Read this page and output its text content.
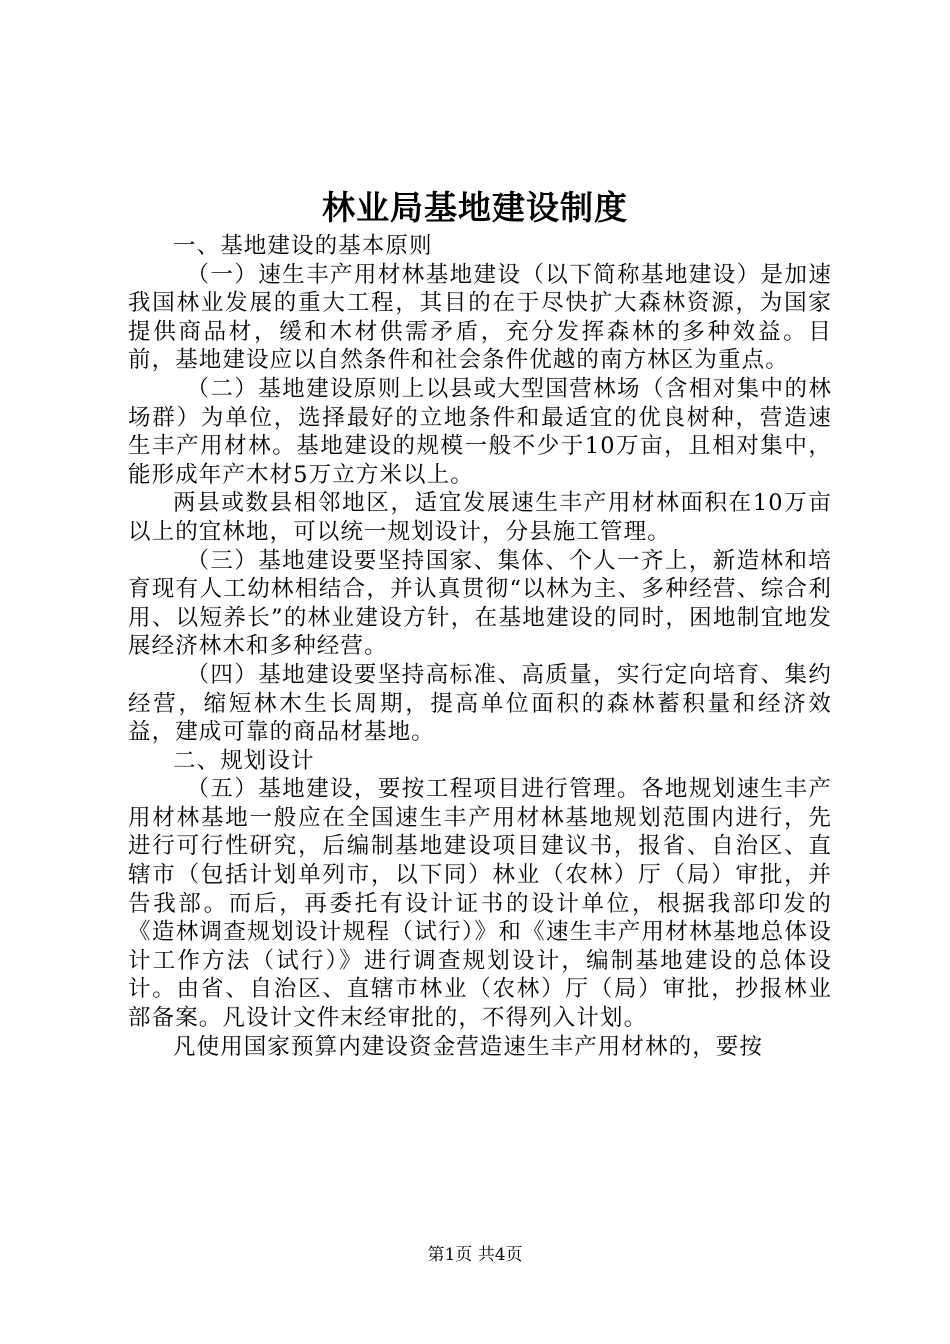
林业局基地建设制度

一、基地建设的基本原则

（一）速生丰产用材林基地建设（以下简称基地建设）是加速我国林业发展的重大工程，其目的在于尽快扩大森林资源，为国家提供商品材，缓和木材供需矛盾，充分发挥森林的多种效益。目前，基地建设应以自然条件和社会条件优越的南方林区为重点。

（二）基地建设原则上以县或大型国营林场（含相对集中的林场群）为单位，选择最好的立地条件和最适宜的优良树种，营造速生丰产用材林。基地建设的规模一般不少于10万亩，且相对集中，能形成年产木材5万立方米以上。

两县或数县相邻地区，适宜发展速生丰产用材林面积在10万亩以上的宜林地，可以统一规划设计，分县施工管理。

（三）基地建设要坚持国家、集体、个人一齐上，新造林和培育现有人工幼林相结合，并认真贯彻“以林为主、多种经营、综合利用、以短养长”的林业建设方针，在基地建设的同时，困地制宜地发展经济林木和多种经营。

（四）基地建设要坚持高标准、高质量，实行定向培育、集约经营，缩短林木生长周期，提高单位面积的森林蓄积量和经济效益，建成可靠的商品材基地。

二、规划设计

（五）基地建设，要按工程项目进行管理。各地规划速生丰产用材林基地一般应在全国速生丰产用材林基地规划范围内进行，先进行可行性研究，后编制基地建设项目建议书，报省、自治区、直辖市（包括计划单列市，以下同）林业（农林）厅（局）审批，并告我部。而后，再委托有设计证书的设计单位，根据我部印发的《造林调查规划设计规程（试行）》和《速生丰产用材林基地总体设计工作方法（试行）》进行调查规划设计，编制基地建设的总体设计。由省、自治区、直辖市林业（农林）厅（局）审批，抄报林业部备案。凡设计文件末经审批的，不得列入计划。

凡使用国家预算内建设资金营造速生丰产用材林的，要按

第1页 共4页
